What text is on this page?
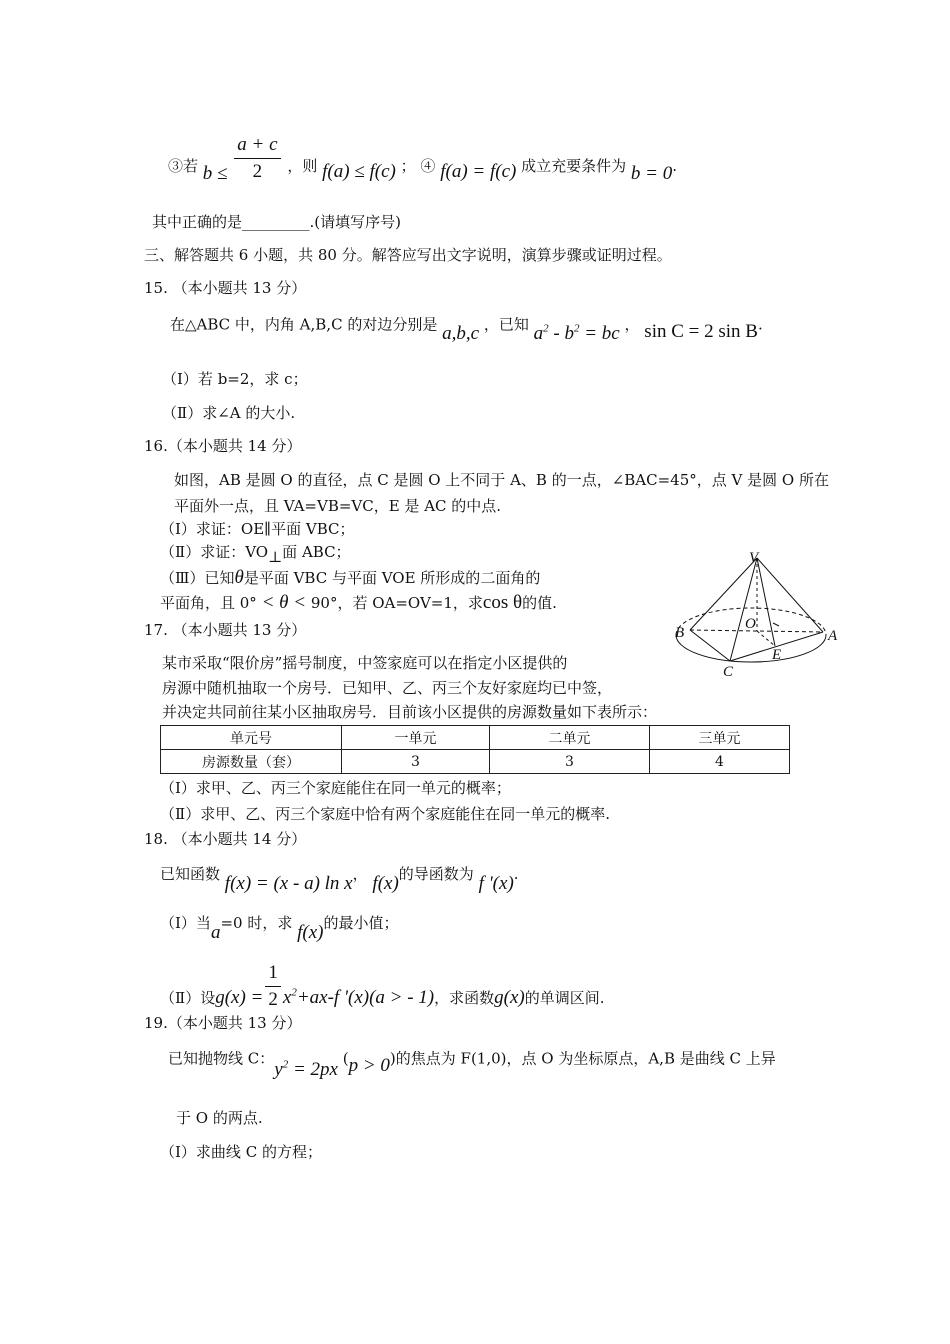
③若 $b \le \frac{a + c}{2}$ ，则 f(a) ≤ f(c) ； ④ f(a) = f(c) 成立充要条件为 b = 0.
其中正确的是_________.(请填写序号)
三、解答题共 6 小题，共 80 分。解答应写出文字说明，演算步骤或证明过程。
15. （本小题共 13 分）
在△ABC 中，内角 A,B,C 的对边分别是 a,b,c ，已知 $a^2 - b^2$ = bc ， sin C = 2 sin B.
（Ⅰ）若 b=2，求 c；
（Ⅱ）求∠A 的大小.
16.（本小题共 14 分）
如图，AB 是圆 O 的直径，点 C 是圆 O 上不同于 A、B 的一点，∠BAC=45°，点 V 是圆 O 所在
平面外一点，且 VA=VB=VC，E 是 AC 的中点.
（Ⅰ）求证：OE∥平面 VBC；
（Ⅱ）求证：VO⊥面 ABC；
（Ⅲ）已知θ是平面 VBC 与平面 VOE 所形成的二面角的
平面角，且 0° < θ < 90°，若 OA=OV=1，求cos θ的值.
V
O
A
B
C
E
17. （本小题共 13 分）
某市采取“限价房”摇号制度，中签家庭可以在指定小区提供的
房源中随机抽取一个房号．已知甲、乙、丙三个友好家庭均已中签，
并决定共同前往某小区抽取房号．目前该小区提供的房源数量如下表所示：
单元号	一单元	二单元	三单元
房源数量（套）	3	3	4
（Ⅰ）求甲、乙、丙三个家庭能住在同一单元的概率；
（Ⅱ）求甲、乙、丙三个家庭中恰有两个家庭能住在同一单元的概率.
18. （本小题共 14 分）
已知函数 f(x) = (x - a) ln x， f(x)的导函数为 f '(x).
（Ⅰ）当a=0 时，求 f(x)的最小值；
（Ⅱ）设$g(x) = \frac{1}{2} x^2+ax-f$ '(x)(a > - 1)，求函数g(x)的单调区间.
19.（本小题共 13 分）
已知抛物线 C：$y^2 = 2px$ (p > 0)的焦点为 F(1,0)，点 O 为坐标原点，A,B 是曲线 C 上异
于 O 的两点.
（Ⅰ）求曲线 C 的方程；
